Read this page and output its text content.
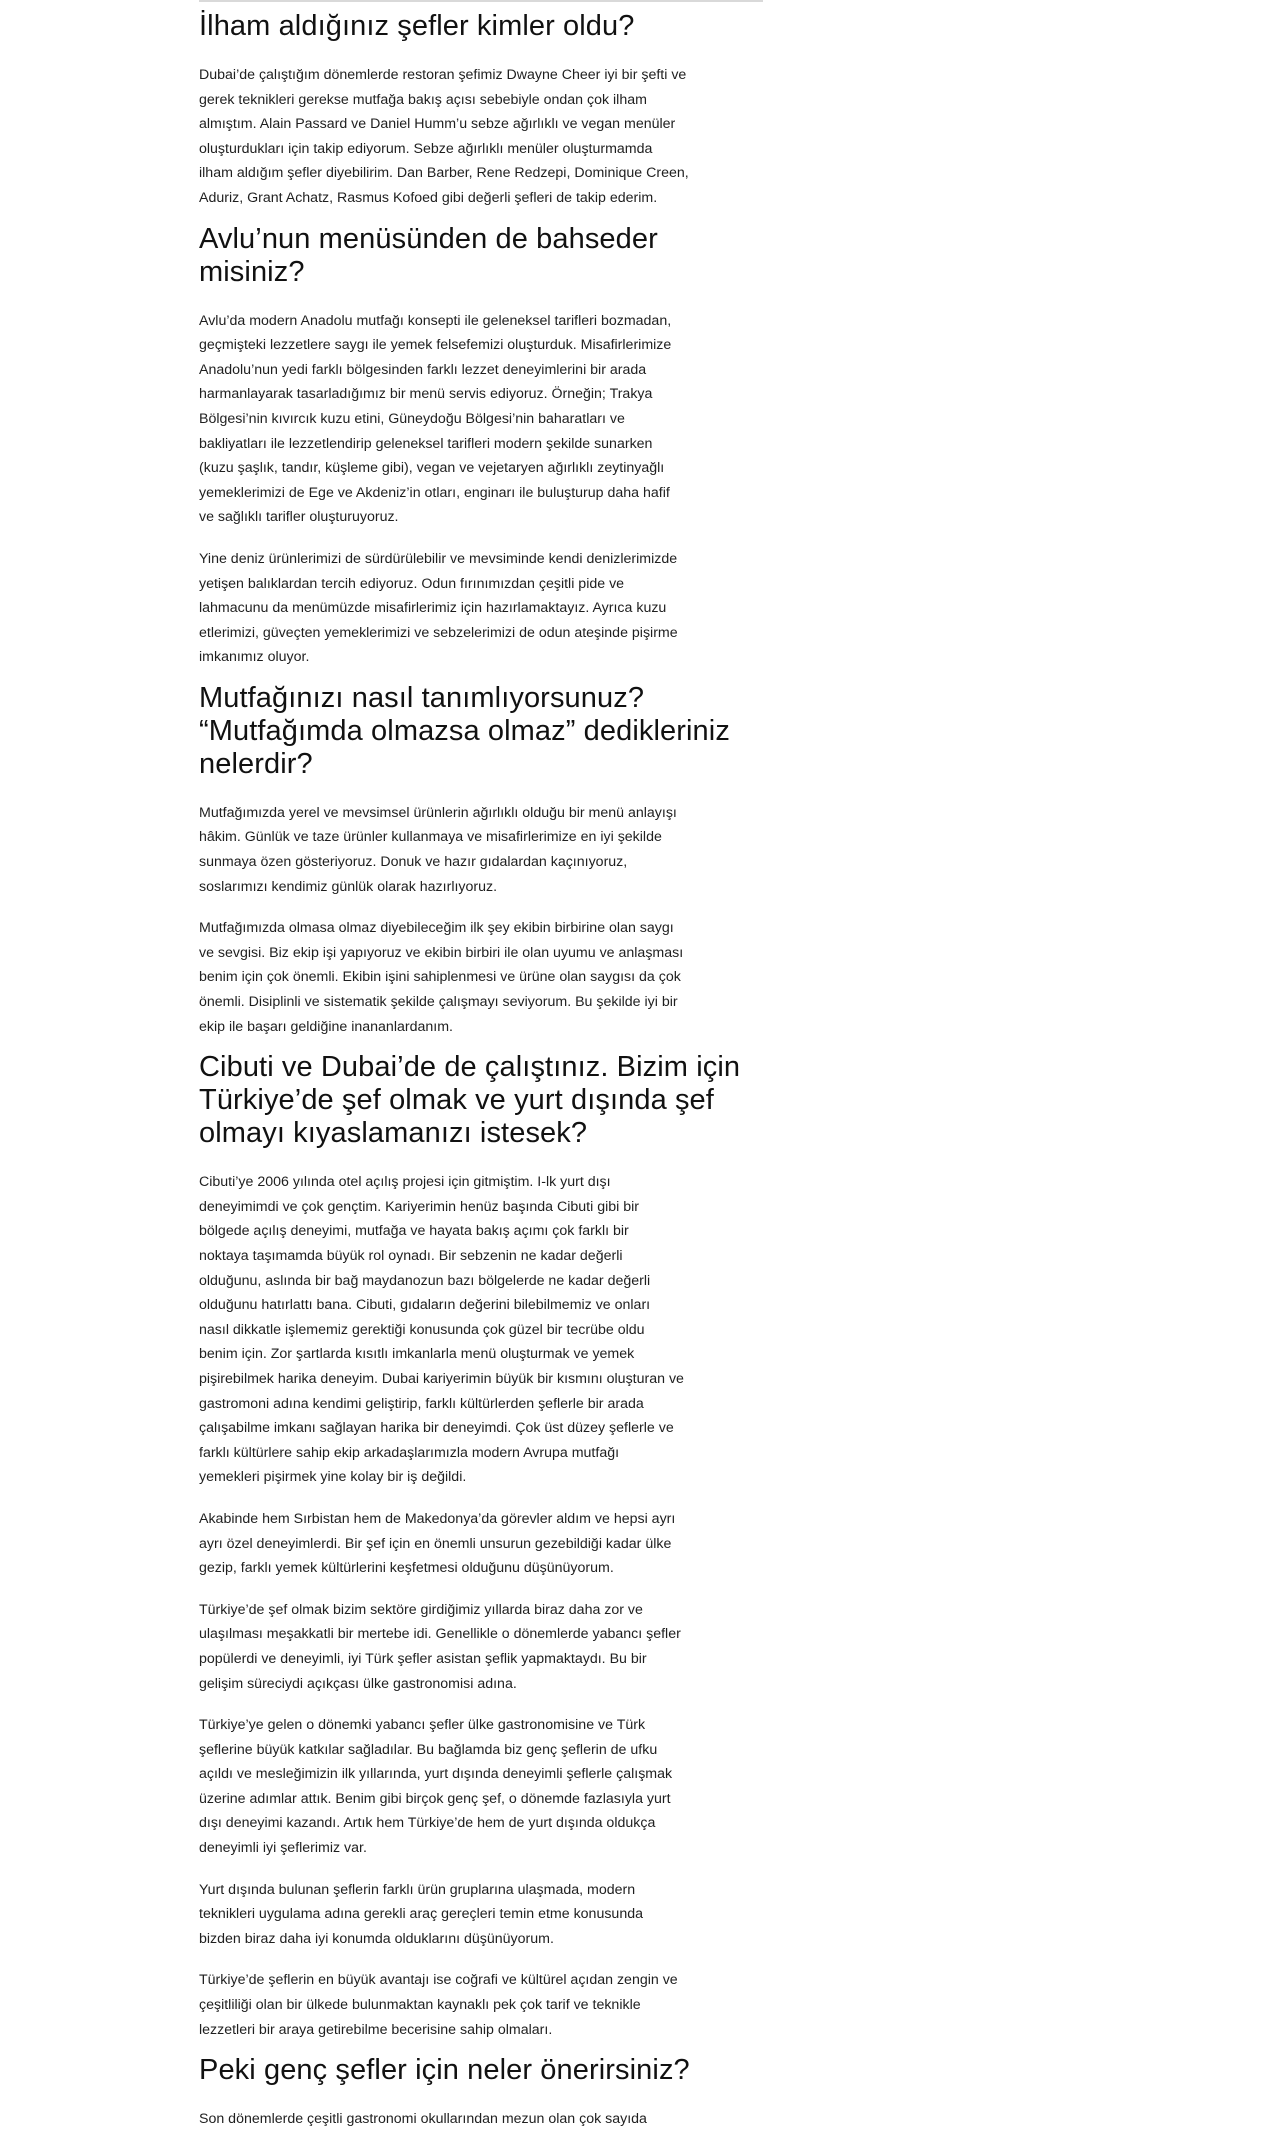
İlham aldığınız şefler kimler oldu?

Dubai’de çalıştığım dönemlerde restoran şefimiz Dwayne Cheer iyi bir şefti ve
gerek teknikleri gerekse mutfağa bakış açısı sebebiyle ondan çok ilham
almıştım. Alain Passard ve Daniel Humm’u sebze ağırlıklı ve vegan menüler
oluşturdukları için takip ediyorum. Sebze ağırlıklı menüler oluşturmamda
ilham aldığım şefler diyebilirim. Dan Barber, Rene Redzepi, Dominique Creen,
Aduriz, Grant Achatz, Rasmus Kofoed gibi değerli şefleri de takip ederim.

Avlu’nun menüsünden de bahseder misiniz?

Avlu’da modern Anadolu mutfağı konsepti ile geleneksel tarifleri bozmadan,
geçmişteki lezzetlere saygı ile yemek felsefemizi oluşturduk. Misafirlerimize
Anadolu’nun yedi farklı bölgesinden farklı lezzet deneyimlerini bir arada
harmanlayarak tasarladığımız bir menü servis ediyoruz. Örneğin; Trakya
Bölgesi’nin kıvırcık kuzu etini, Güneydoğu Bölgesi’nin baharatları ve
bakliyatları ile lezzetlendirip geleneksel tarifleri modern şekilde sunarken
(kuzu şaşlık, tandır, küşleme gibi), vegan ve vejetaryen ağırlıklı zeytinyağlı
yemeklerimizi de Ege ve Akdeniz’in otları, enginarı ile buluşturup daha hafif
ve sağlıklı tarifler oluşturuyoruz.

Yine deniz ürünlerimizi de sürdürülebilir ve mevsiminde kendi denizlerimizde
yetişen balıklardan tercih ediyoruz. Odun fırınımızdan çeşitli pide ve
lahmacunu da menümüzde misafirlerimiz için hazırlamaktayız. Ayrıca kuzu
etlerimizi, güveçten yemeklerimizi ve sebzelerimizi de odun ateşinde pişirme
imkanımız oluyor.

Mutfağınızı nasıl tanımlıyorsunuz? “Mutfağımda olmazsa olmaz” dedikleriniz nelerdir?

Mutfağımızda yerel ve mevsimsel ürünlerin ağırlıklı olduğu bir menü anlayışı
hâkim. Günlük ve taze ürünler kullanmaya ve misafirlerimize en iyi şekilde
sunmaya özen gösteriyoruz. Donuk ve hazır gıdalardan kaçınıyoruz,
soslarımızı kendimiz günlük olarak hazırlıyoruz.

Mutfağımızda olmasa olmaz diyebileceğim ilk şey ekibin birbirine olan saygı
ve sevgisi. Biz ekip işi yapıyoruz ve ekibin birbiri ile olan uyumu ve anlaşması
benim için çok önemli. Ekibin işini sahiplenmesi ve ürüne olan saygısı da çok
önemli. Disiplinli ve sistematik şekilde çalışmayı seviyorum. Bu şekilde iyi bir
ekip ile başarı geldiğine inananlardanım.

Cibuti ve Dubai’de de çalıştınız. Bizim için Türkiye’de şef olmak ve yurt dışında şef olmayı kıyaslamanızı istesek?

Cibuti’ye 2006 yılında otel açılış projesi için gitmiştim. I-lk yurt dışı
deneyimimdi ve çok gençtim. Kariyerimin henüz başında Cibuti gibi bir
bölgede açılış deneyimi, mutfağa ve hayata bakış açımı çok farklı bir
noktaya taşımamda büyük rol oynadı. Bir sebzenin ne kadar değerli
olduğunu, aslında bir bağ maydanozun bazı bölgelerde ne kadar değerli
olduğunu hatırlattı bana. Cibuti, gıdaların değerini bilebilmemiz ve onları
nasıl dikkatle işlememiz gerektiği konusunda çok güzel bir tecrübe oldu
benim için. Zor şartlarda kısıtlı imkanlarla menü oluşturmak ve yemek
pişirebilmek harika deneyim. Dubai kariyerimin büyük bir kısmını oluşturan ve
gastromoni adına kendimi geliştirip, farklı kültürlerden şeflerle bir arada
çalışabilme imkanı sağlayan harika bir deneyimdi. Çok üst düzey şeflerle ve
farklı kültürlere sahip ekip arkadaşlarımızla modern Avrupa mutfağı
yemekleri pişirmek yine kolay bir iş değildi.

Akabinde hem Sırbistan hem de Makedonya’da görevler aldım ve hepsi ayrı
ayrı özel deneyimlerdi. Bir şef için en önemli unsurun gezebildiği kadar ülke
gezip, farklı yemek kültürlerini keşfetmesi olduğunu düşünüyorum.

Türkiye’de şef olmak bizim sektöre girdiğimiz yıllarda biraz daha zor ve
ulaşılması meşakkatli bir mertebe idi. Genellikle o dönemlerde yabancı şefler
popülerdi ve deneyimli, iyi Türk şefler asistan şeflik yapmaktaydı. Bu bir
gelişim süreciydi açıkçası ülke gastronomisi adına.

Türkiye’ye gelen o dönemki yabancı şefler ülke gastronomisine ve Türk
şeflerine büyük katkılar sağladılar. Bu bağlamda biz genç şeflerin de ufku
açıldı ve mesleğimizin ilk yıllarında, yurt dışında deneyimli şeflerle çalışmak
üzerine adımlar attık. Benim gibi birçok genç şef, o dönemde fazlasıyla yurt
dışı deneyimi kazandı. Artık hem Türkiye’de hem de yurt dışında oldukça
deneyimli iyi şeflerimiz var.

Yurt dışında bulunan şeflerin farklı ürün gruplarına ulaşmada, modern
teknikleri uygulama adına gerekli araç gereçleri temin etme konusunda
bizden biraz daha iyi konumda olduklarını düşünüyorum.

Türkiye’de şeflerin en büyük avantajı ise coğrafi ve kültürel açıdan zengin ve
çeşitliliği olan bir ülkede bulunmaktan kaynaklı pek çok tarif ve teknikle
lezzetleri bir araya getirebilme becerisine sahip olmaları.

Peki genç şefler için neler önerirsiniz?

Son dönemlerde çeşitli gastronomi okullarından mezun olan çok sayıda
